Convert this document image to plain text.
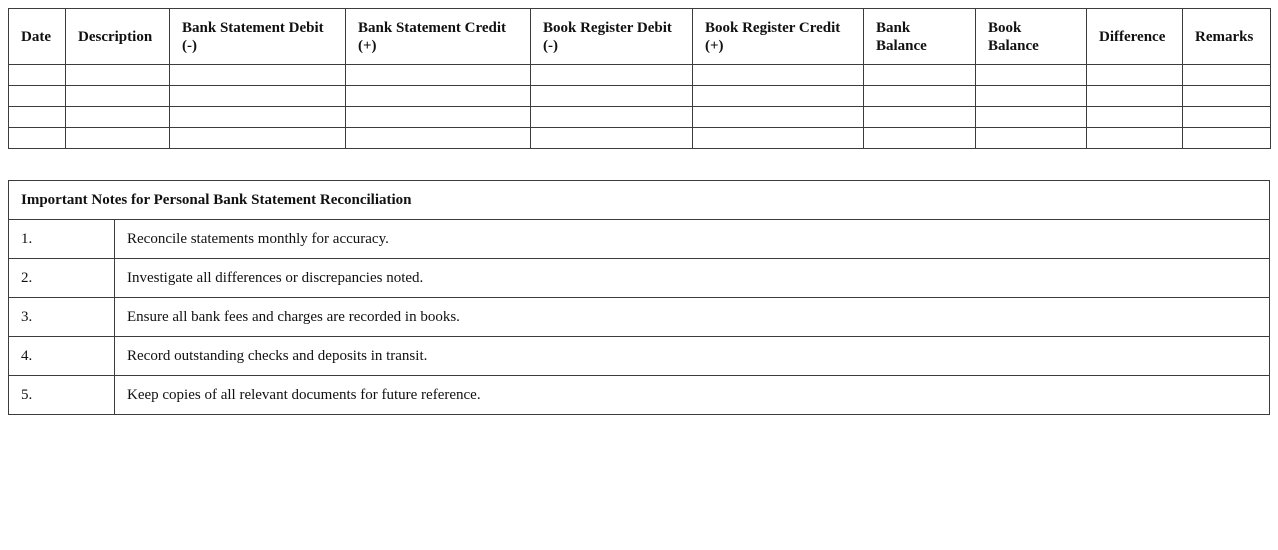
Date	Description	Bank Statement Debit (-)	Bank Statement Credit (+)	Book Register Debit (-)	Book Register Credit (+)	Bank Balance	Book Balance	Difference	Remarks

Important Notes for Personal Bank Statement Reconciliation	
1.	Reconcile statements monthly for accuracy.
2.	Investigate all differences or discrepancies noted.
3.	Ensure all bank fees and charges are recorded in books.
4.	Record outstanding checks and deposits in transit.
5.	Keep copies of all relevant documents for future reference.
